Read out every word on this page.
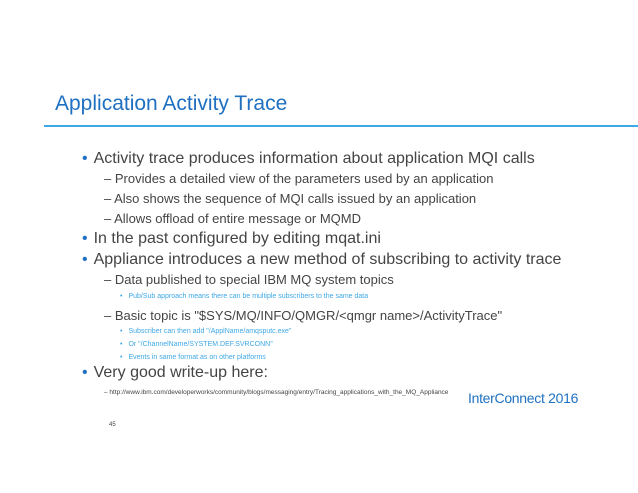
Application Activity Trace
• Activity trace produces information about application MQI calls
– Provides a detailed view of the parameters used by an application
– Also shows the sequence of MQI calls issued by an application
– Allows offload of entire message or MQMD
• In the past configured by editing mqat.ini
• Appliance introduces a new method of subscribing to activity trace
– Data published to special IBM MQ system topics
• Pub/Sub approach means there can be multiple subscribers to the same data
– Basic topic is "$SYS/MQ/INFO/QMGR/<qmgr name>/ActivityTrace"
• Subscriber can then add "/ApplName/amqsputc.exe"
• Or "/ChannelName/SYSTEM.DEF.SVRCONN"
• Events in same format as on other platforms
• Very good write-up here:
– http://www.ibm.com/developerworks/community/blogs/messaging/entry/Tracing_applications_with_the_MQ_Appliance
45
InterConnect 2016
